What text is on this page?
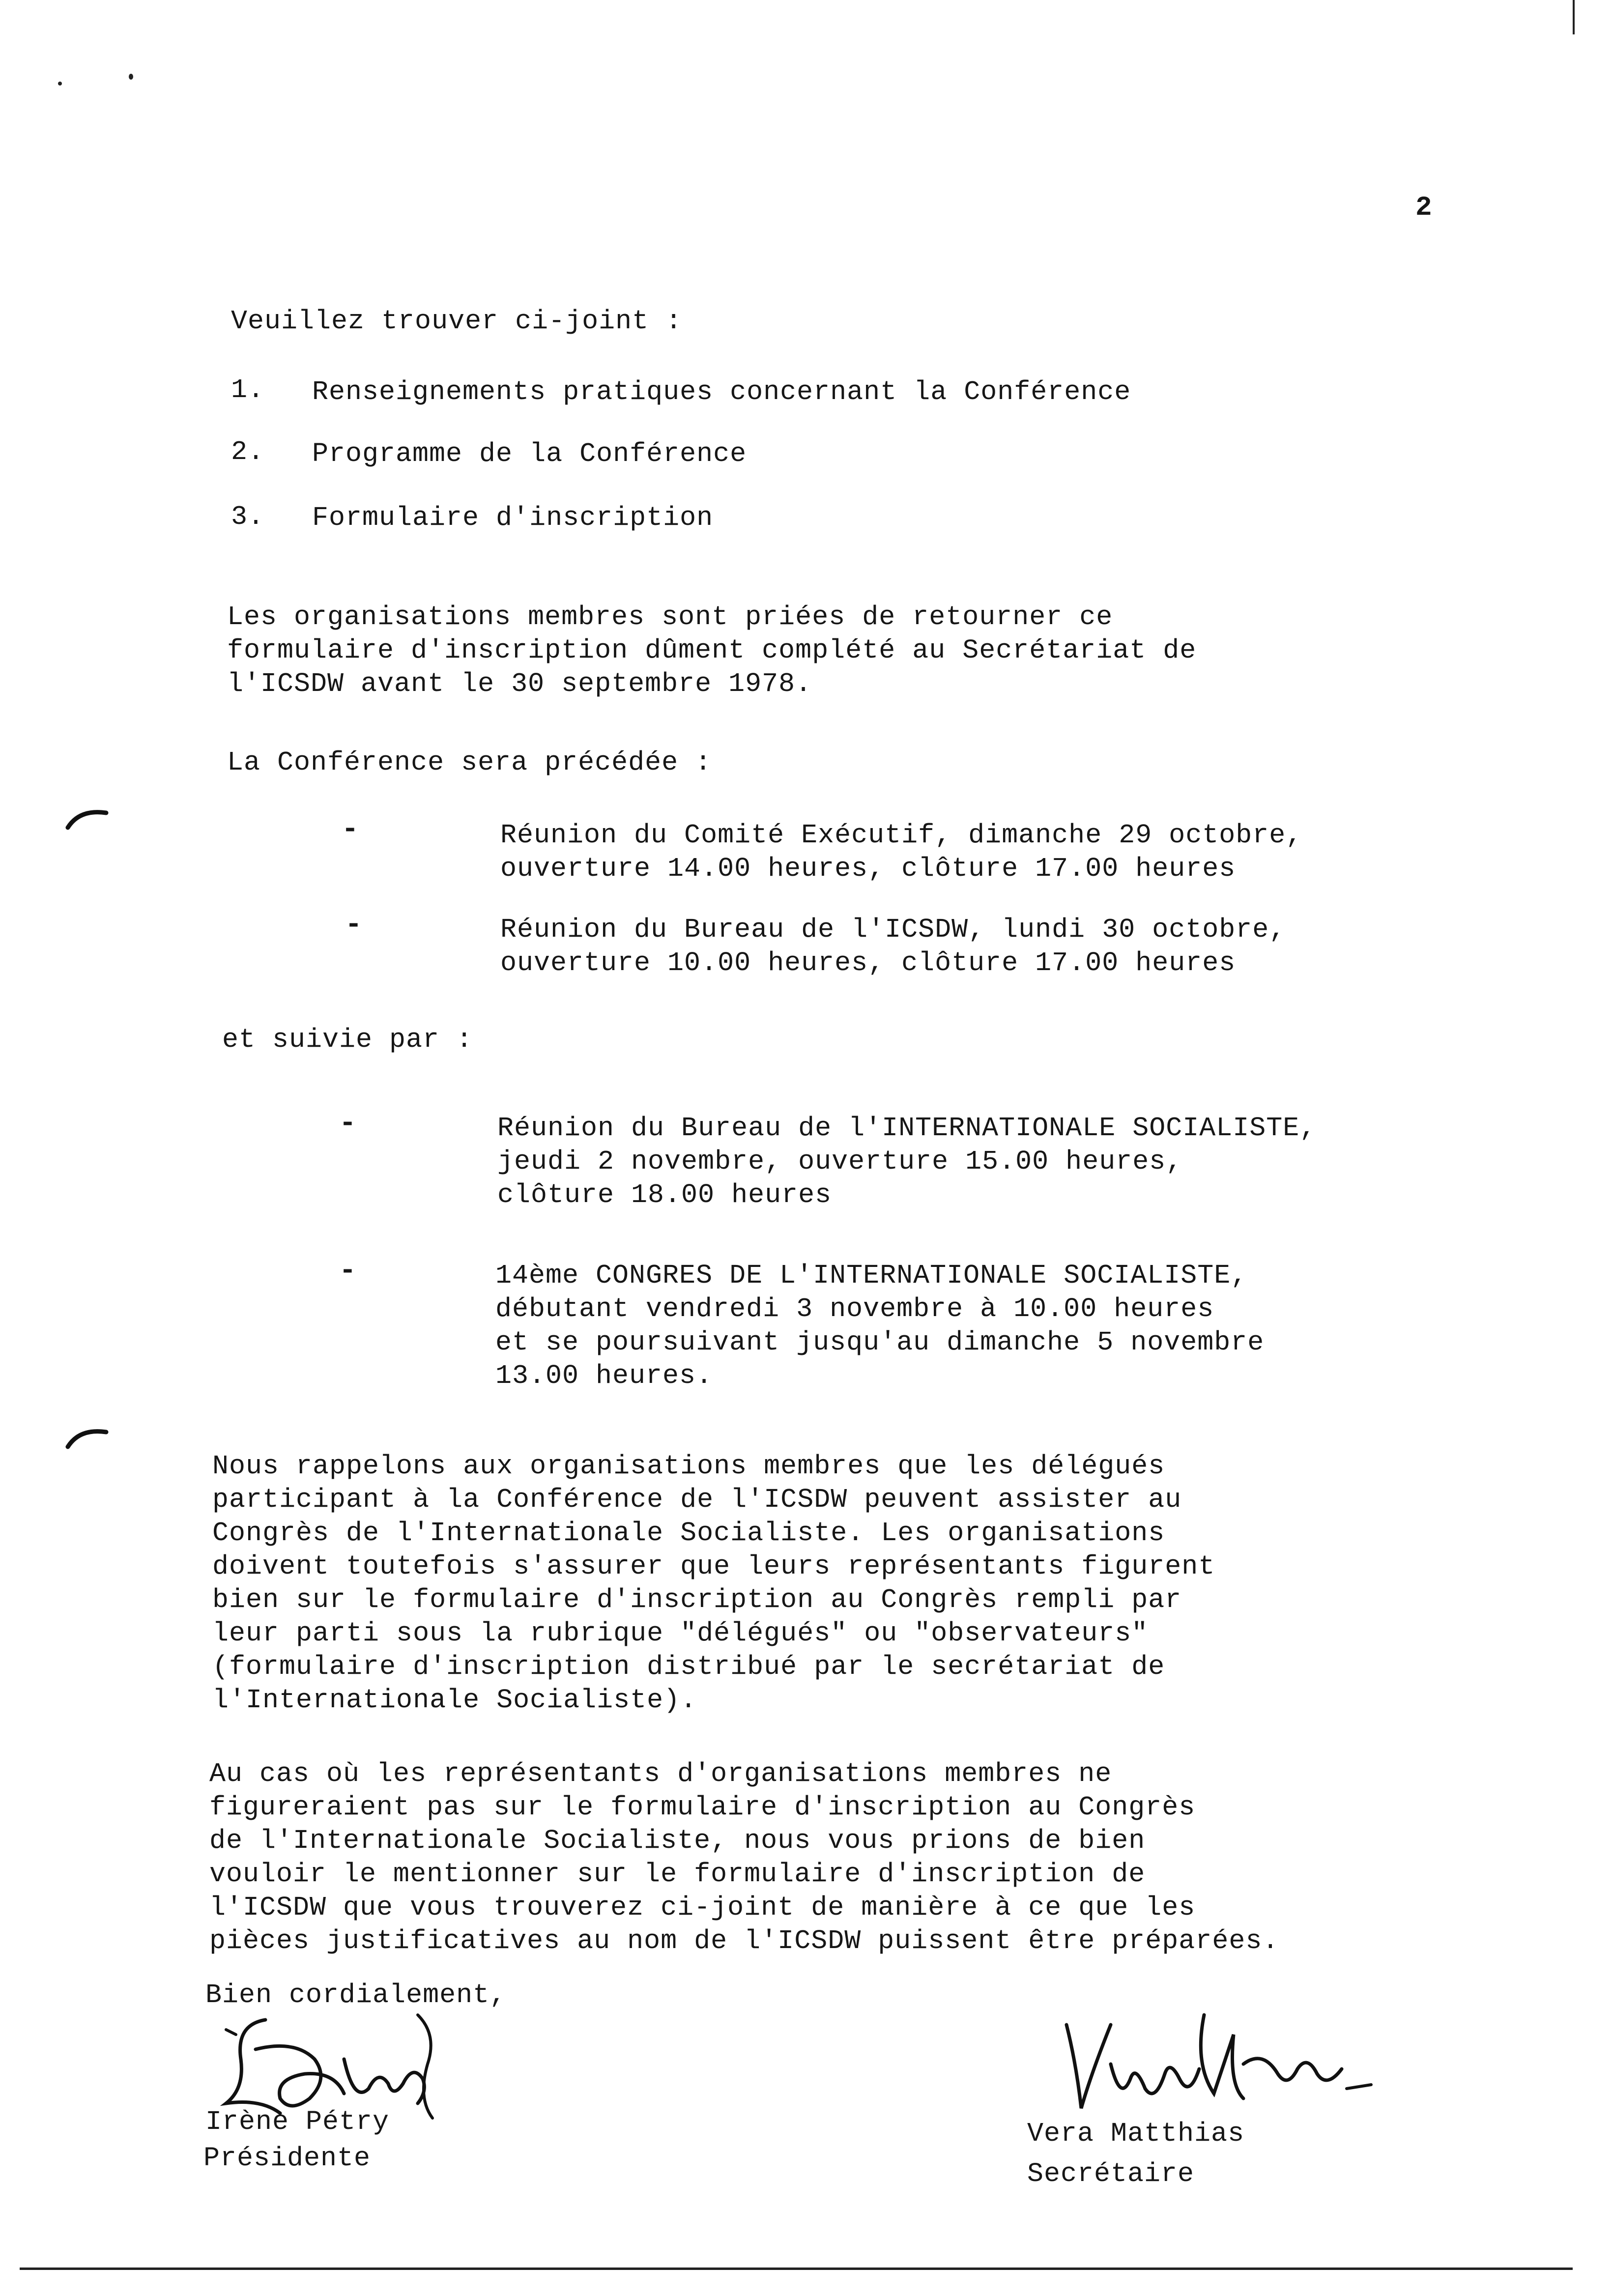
2
Veuillez trouver ci-joint :
1. Renseignements pratiques concernant la Conférence
2. Programme de la Conférence
3. Formulaire d'inscription
Les organisations membres sont priées de retourner ce
formulaire d'inscription dûment complété au Secrétariat de
l'ICSDW avant le 30 septembre 1978.
La Conférence sera précédée :
-	Réunion du Comité Exécutif, dimanche 29 octobre,
ouverture 14.00 heures, clôture 17.00 heures
-	Réunion du Bureau de l'ICSDW, lundi 30 octobre,
ouverture 10.00 heures, clôture 17.00 heures
et suivie par :
-	Réunion du Bureau de l'INTERNATIONALE SOCIALISTE,
jeudi 2 novembre, ouverture 15.00 heures,
clôture 18.00 heures
-	14ème CONGRES DE L'INTERNATIONALE SOCIALISTE,
débutant vendredi 3 novembre à 10.00 heures
et se poursuivant jusqu'au dimanche 5 novembre
13.00 heures.
Nous rappelons aux organisations membres que les délégués
participant à la Conférence de l'ICSDW peuvent assister au
Congrès de l'Internationale Socialiste. Les organisations
doivent toutefois s'assurer que leurs représentants figurent
bien sur le formulaire d'inscription au Congrès rempli par
leur parti sous la rubrique "délégués" ou "observateurs"
(formulaire d'inscription distribué par le secrétariat de
l'Internationale Socialiste).
Au cas où les représentants d'organisations membres ne
figureraient pas sur le formulaire d'inscription au Congrès
de l'Internationale Socialiste, nous vous prions de bien
vouloir le mentionner sur le formulaire d'inscription de
l'ICSDW que vous trouverez ci-joint de manière à ce que les
pièces justificatives au nom de l'ICSDW puissent être préparées.
Bien cordialement,
Irène Pétry
Présidente
Vera Matthias
Secrétaire
